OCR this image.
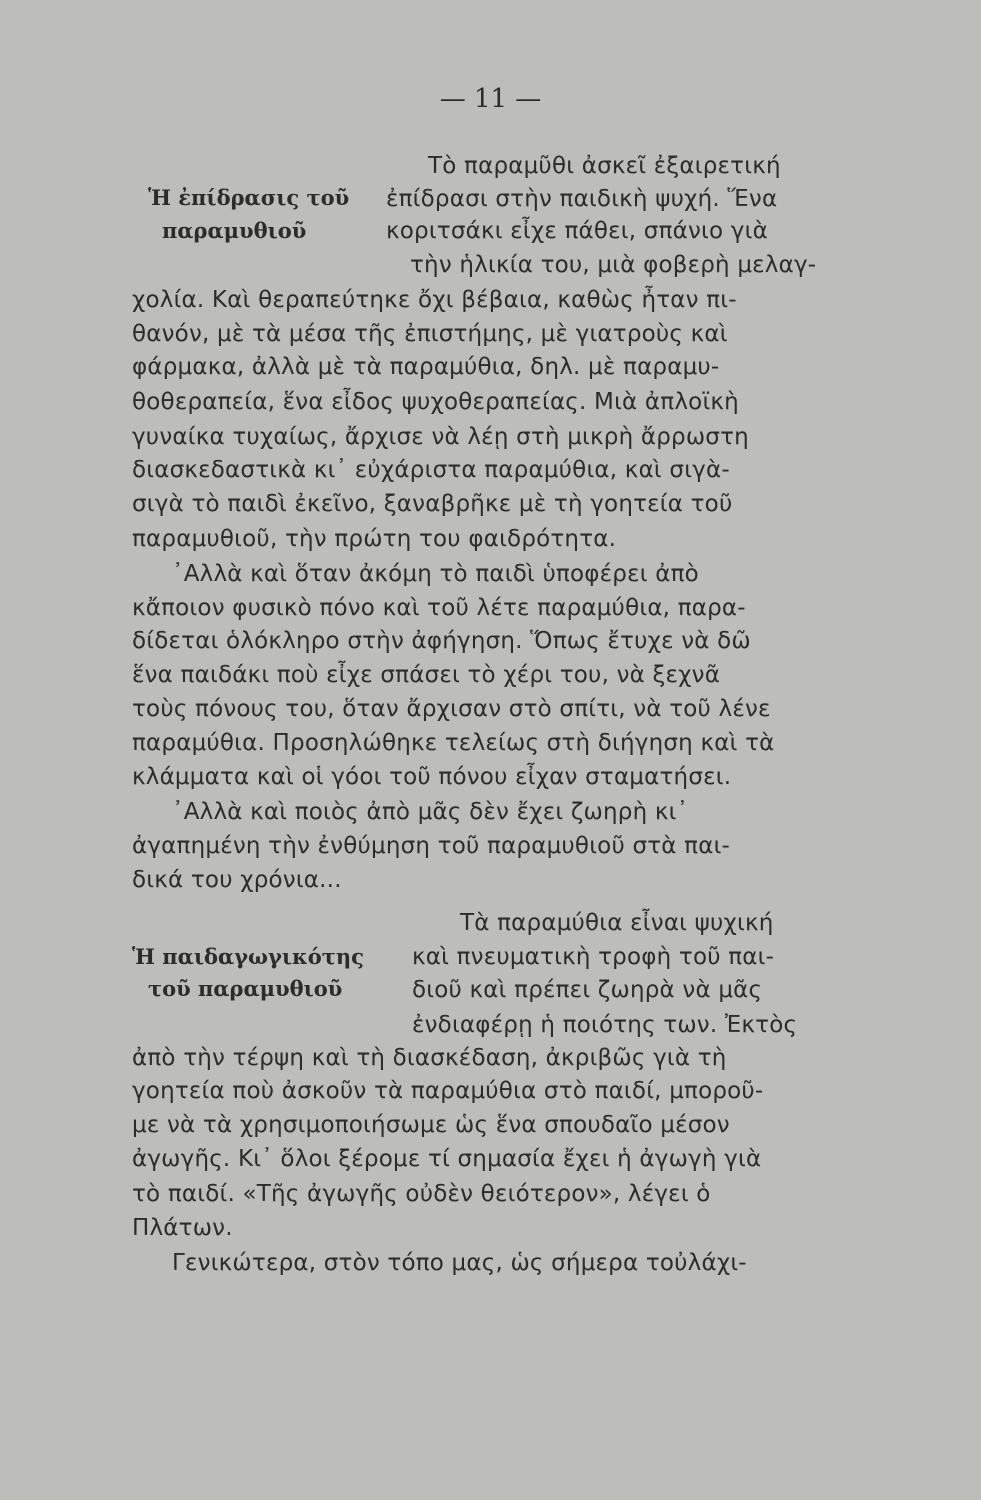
— 11 —
Ἡ ἐπίδρασις τοῦ
παραμυθιοῦ
Ἡ παιδαγωγικότης
τοῦ παραμυθιοῦ
Τὸ παραμῦθι ἀσκεῖ ἐξαιρετική
ἐπίδρασι στὴν παιδικὴ ψυχή. Ἕνα
κοριτσάκι εἶχε πάθει, σπάνιο γιὰ
τὴν ἡλικία του, μιὰ φοβερὴ μελαγ-
χολία. Καὶ θεραπεύτηκε ὄχι βέβαια, καθὼς ἦταν πι-
θανόν, μὲ τὰ μέσα τῆς ἐπιστήμης, μὲ γιατροὺς καὶ
φάρμακα, ἀλλὰ μὲ τὰ παραμύθια, δηλ. μὲ παραμυ-
θοθεραπεία, ἕνα εἶδος ψυχοθεραπείας. Μιὰ ἀπλοϊκὴ
γυναίκα τυχαίως, ἄρχισε νὰ λέῃ στὴ μικρὴ ἄρρωστη
διασκεδαστικὰ κι᾿ εὐχάριστα παραμύθια, καὶ σιγὰ-
σιγὰ τὸ παιδὶ ἐκεῖνο, ξαναβρῆκε μὲ τὴ γοητεία τοῦ
παραμυθιοῦ, τὴν πρώτη του φαιδρότητα.
᾿Αλλὰ καὶ ὅταν ἀκόμη τὸ παιδὶ ὑποφέρει ἀπὸ
κἄποιον φυσικὸ πόνο καὶ τοῦ λέτε παραμύθια, παρα-
δίδεται ὁλόκληρο στὴν ἀφήγηση. Ὅπως ἔτυχε νὰ δῶ
ἕνα παιδάκι ποὺ εἶχε σπάσει τὸ χέρι του, νὰ ξεχνᾶ
τοὺς πόνους του, ὅταν ἄρχισαν στὸ σπίτι, νὰ τοῦ λένε
παραμύθια. Προσηλώθηκε τελείως στὴ διήγηση καὶ τὰ
κλάμματα καὶ οἱ γόοι τοῦ πόνου εἶχαν σταματήσει.
᾿Αλλὰ καὶ ποιὸς ἀπὸ μᾶς δὲν ἔχει ζωηρὴ κι᾿
ἀγαπημένη τὴν ἐνθύμηση τοῦ παραμυθιοῦ στὰ παι-
δικά του χρόνια...
Τὰ παραμύθια εἶναι ψυχική
καὶ πνευματικὴ τροφὴ τοῦ παι-
διοῦ καὶ πρέπει ζωηρὰ νὰ μᾶς
ἐνδιαφέρῃ ἡ ποιότης των. Ἐκτὸς
ἀπὸ τὴν τέρψη καὶ τὴ διασκέδαση, ἀκριβῶς γιὰ τὴ
γοητεία ποὺ ἀσκοῦν τὰ παραμύθια στὸ παιδί, μποροῦ-
με νὰ τὰ χρησιμοποιήσωμε ὡς ἕνα σπουδαῖο μέσον
ἀγωγῆς. Κι᾿ ὅλοι ξέρομε τί σημασία ἔχει ἡ ἀγωγὴ γιὰ
τὸ παιδί. «Τῆς ἀγωγῆς οὐδὲν θειότερον», λέγει ὁ
Πλάτων.
Γενικώτερα, στὸν τόπο μας, ὡς σήμερα τοὐλάχι-
